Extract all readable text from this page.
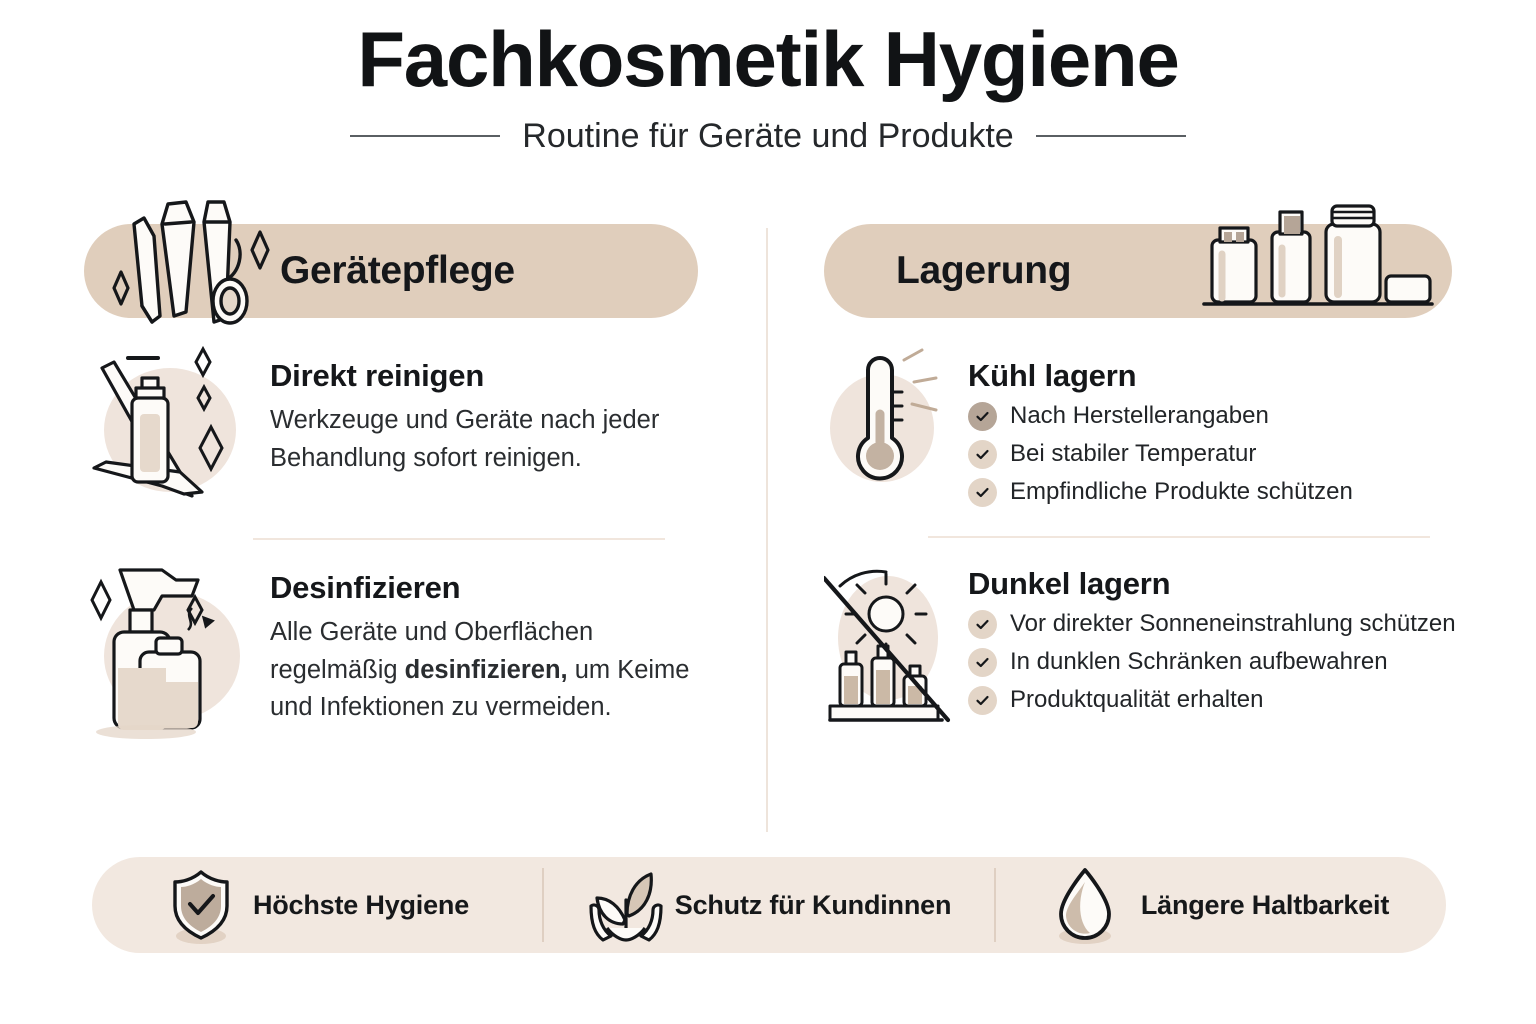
Fachkosmetik Hygiene
Routine für Geräte und Produkte
Gerätepflege
Direkt reinigen
Werkzeuge und Geräte nach jeder Behandlung sofort reinigen.
Desinfizieren
Alle Geräte und Oberflächen regelmäßig desinfizieren, um Keime und Infektionen zu vermeiden.
Lagerung
Kühl lagern
Nach Herstellerangaben
Bei stabiler Temperatur
Empfindliche Produkte schützen
Dunkel lagern
Vor direkter Sonneneinstrahlung schützen
In dunklen Schränken aufbewahren
Produktqualität erhalten
Höchste Hygiene	Schutz für Kundinnen	Längere Haltbarkeit
